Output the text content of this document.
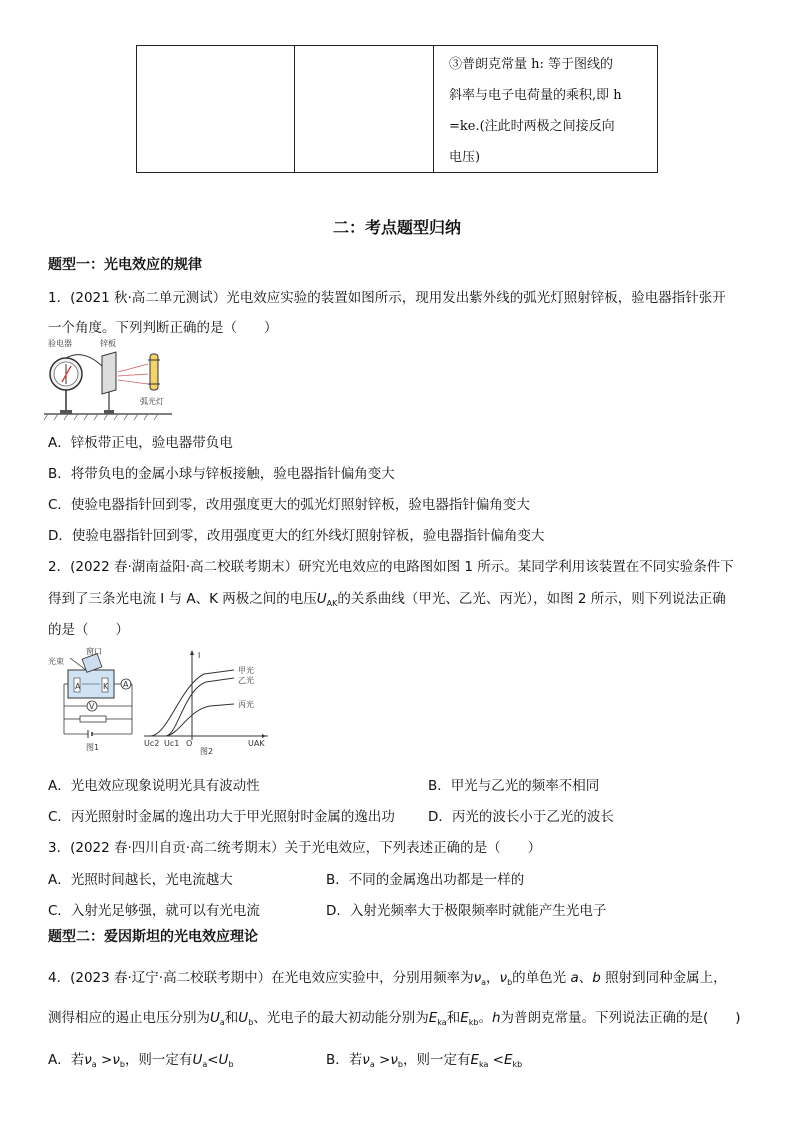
③普朗克常量 h: 等于图线的
斜率与电子电荷量的乘积,即 h
=ke.(注此时两极之间接反向
电压)
二：考点题型归纳
题型一：光电效应的规律
1．(2021 秋·高二单元测试）光电效应实验的装置如图所示，现用发出紫外线的弧光灯照射锌板，验电器指针张开
一个角度。下列判断正确的是（　　）
验电器	锌板
弧光灯
A．锌板带正电，验电器带负电
B．将带负电的金属小球与锌板接触，验电器指针偏角变大
C．使验电器指针回到零，改用强度更大的弧光灯照射锌板，验电器指针偏角变大
D．使验电器指针回到零，改用强度更大的红外线灯照射锌板，验电器指针偏角变大
2．(2022 春·湖南益阳·高二校联考期末）研究光电效应的电路图如图 1 所示。某同学利用该装置在不同实验条件下
得到了三条光电流 I 与 A、K 两极之间的电压$U_{AK}$的关系曲线（甲光、乙光、丙光），如图 2 所示，则下列说法正确
的是（　　）
光束
窗口
A	K A
V
图1
I
甲光
乙光
丙光
Uc2 Uc1 O	UAK
图2
A．光电效应现象说明光具有波动性	B．甲光与乙光的频率不相同
C．丙光照射时金属的逸出功大于甲光照射时金属的逸出功 D．丙光的波长小于乙光的波长
3．(2022 春·四川自贡·高二统考期末）关于光电效应，下列表述正确的是（　　）
A．光照时间越长，光电流越大	B．不同的金属逸出功都是一样的
C．入射光足够强，就可以有光电流	D．入射光频率大于极限频率时就能产生光电子
题型二：爱因斯坦的光电效应理论
4．(2023 春·辽宁·高二校联考期中）在光电效应实验中，分别用频率为$\nu_a$，$\nu_b$的单色光 a、b 照射到同种金属上，
测得相应的遏止电压分别为$U_a$和$U_b$、光电子的最大初动能分别为$E_{ka}$和$E_{kb}$。h为普朗克常量。下列说法正确的是(　　)
A．若$\nu_a >\nu_b$，则一定有$U_a<U_b$	B．若$\nu_a >\nu_b$，则一定有$E_{ka} <E_{kb}$
